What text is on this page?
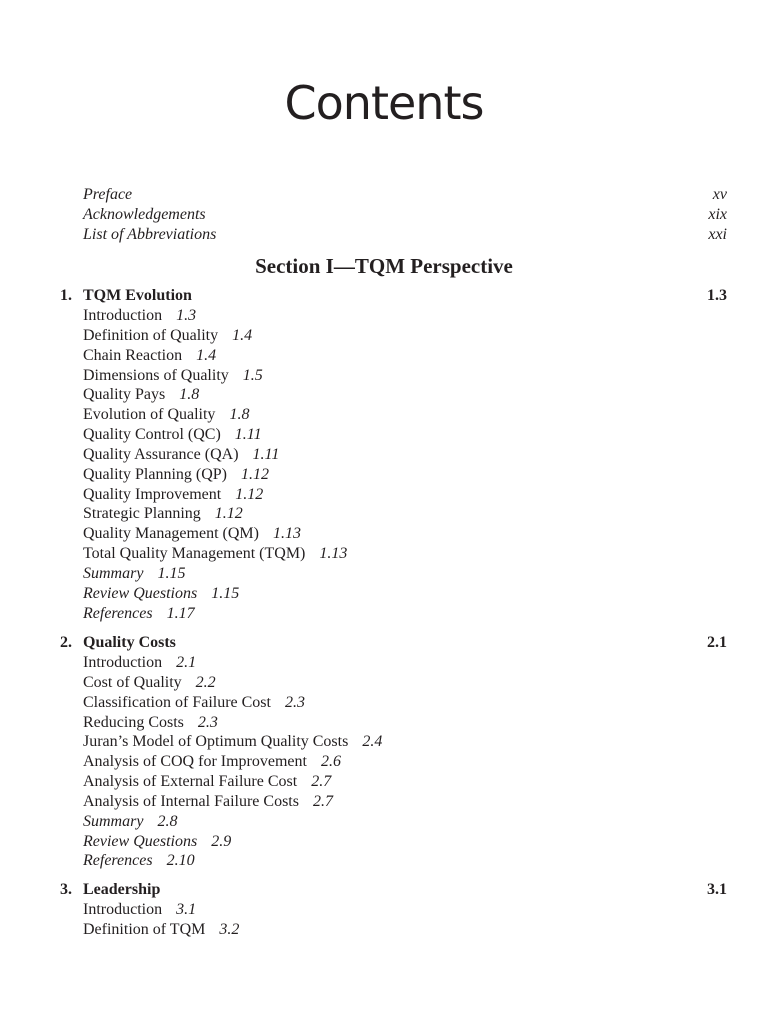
Contents
Preface	xv
Acknowledgements	xix
List of Abbreviations	xxi
Section I—TQM Perspective
1. TQM Evolution	1.3
Introduction 1.3
Definition of Quality 1.4
Chain Reaction 1.4
Dimensions of Quality 1.5
Quality Pays 1.8
Evolution of Quality 1.8
Quality Control (QC) 1.11
Quality Assurance (QA) 1.11
Quality Planning (QP) 1.12
Quality Improvement 1.12
Strategic Planning 1.12
Quality Management (QM) 1.13
Total Quality Management (TQM) 1.13
Summary 1.15
Review Questions 1.15
References 1.17
2. Quality Costs	2.1
Introduction 2.1
Cost of Quality 2.2
Classification of Failure Cost 2.3
Reducing Costs 2.3
Juran’s Model of Optimum Quality Costs 2.4
Analysis of COQ for Improvement 2.6
Analysis of External Failure Cost 2.7
Analysis of Internal Failure Costs 2.7
Summary 2.8
Review Questions 2.9
References 2.10
3. Leadership	3.1
Introduction 3.1
Definition of TQM 3.2
